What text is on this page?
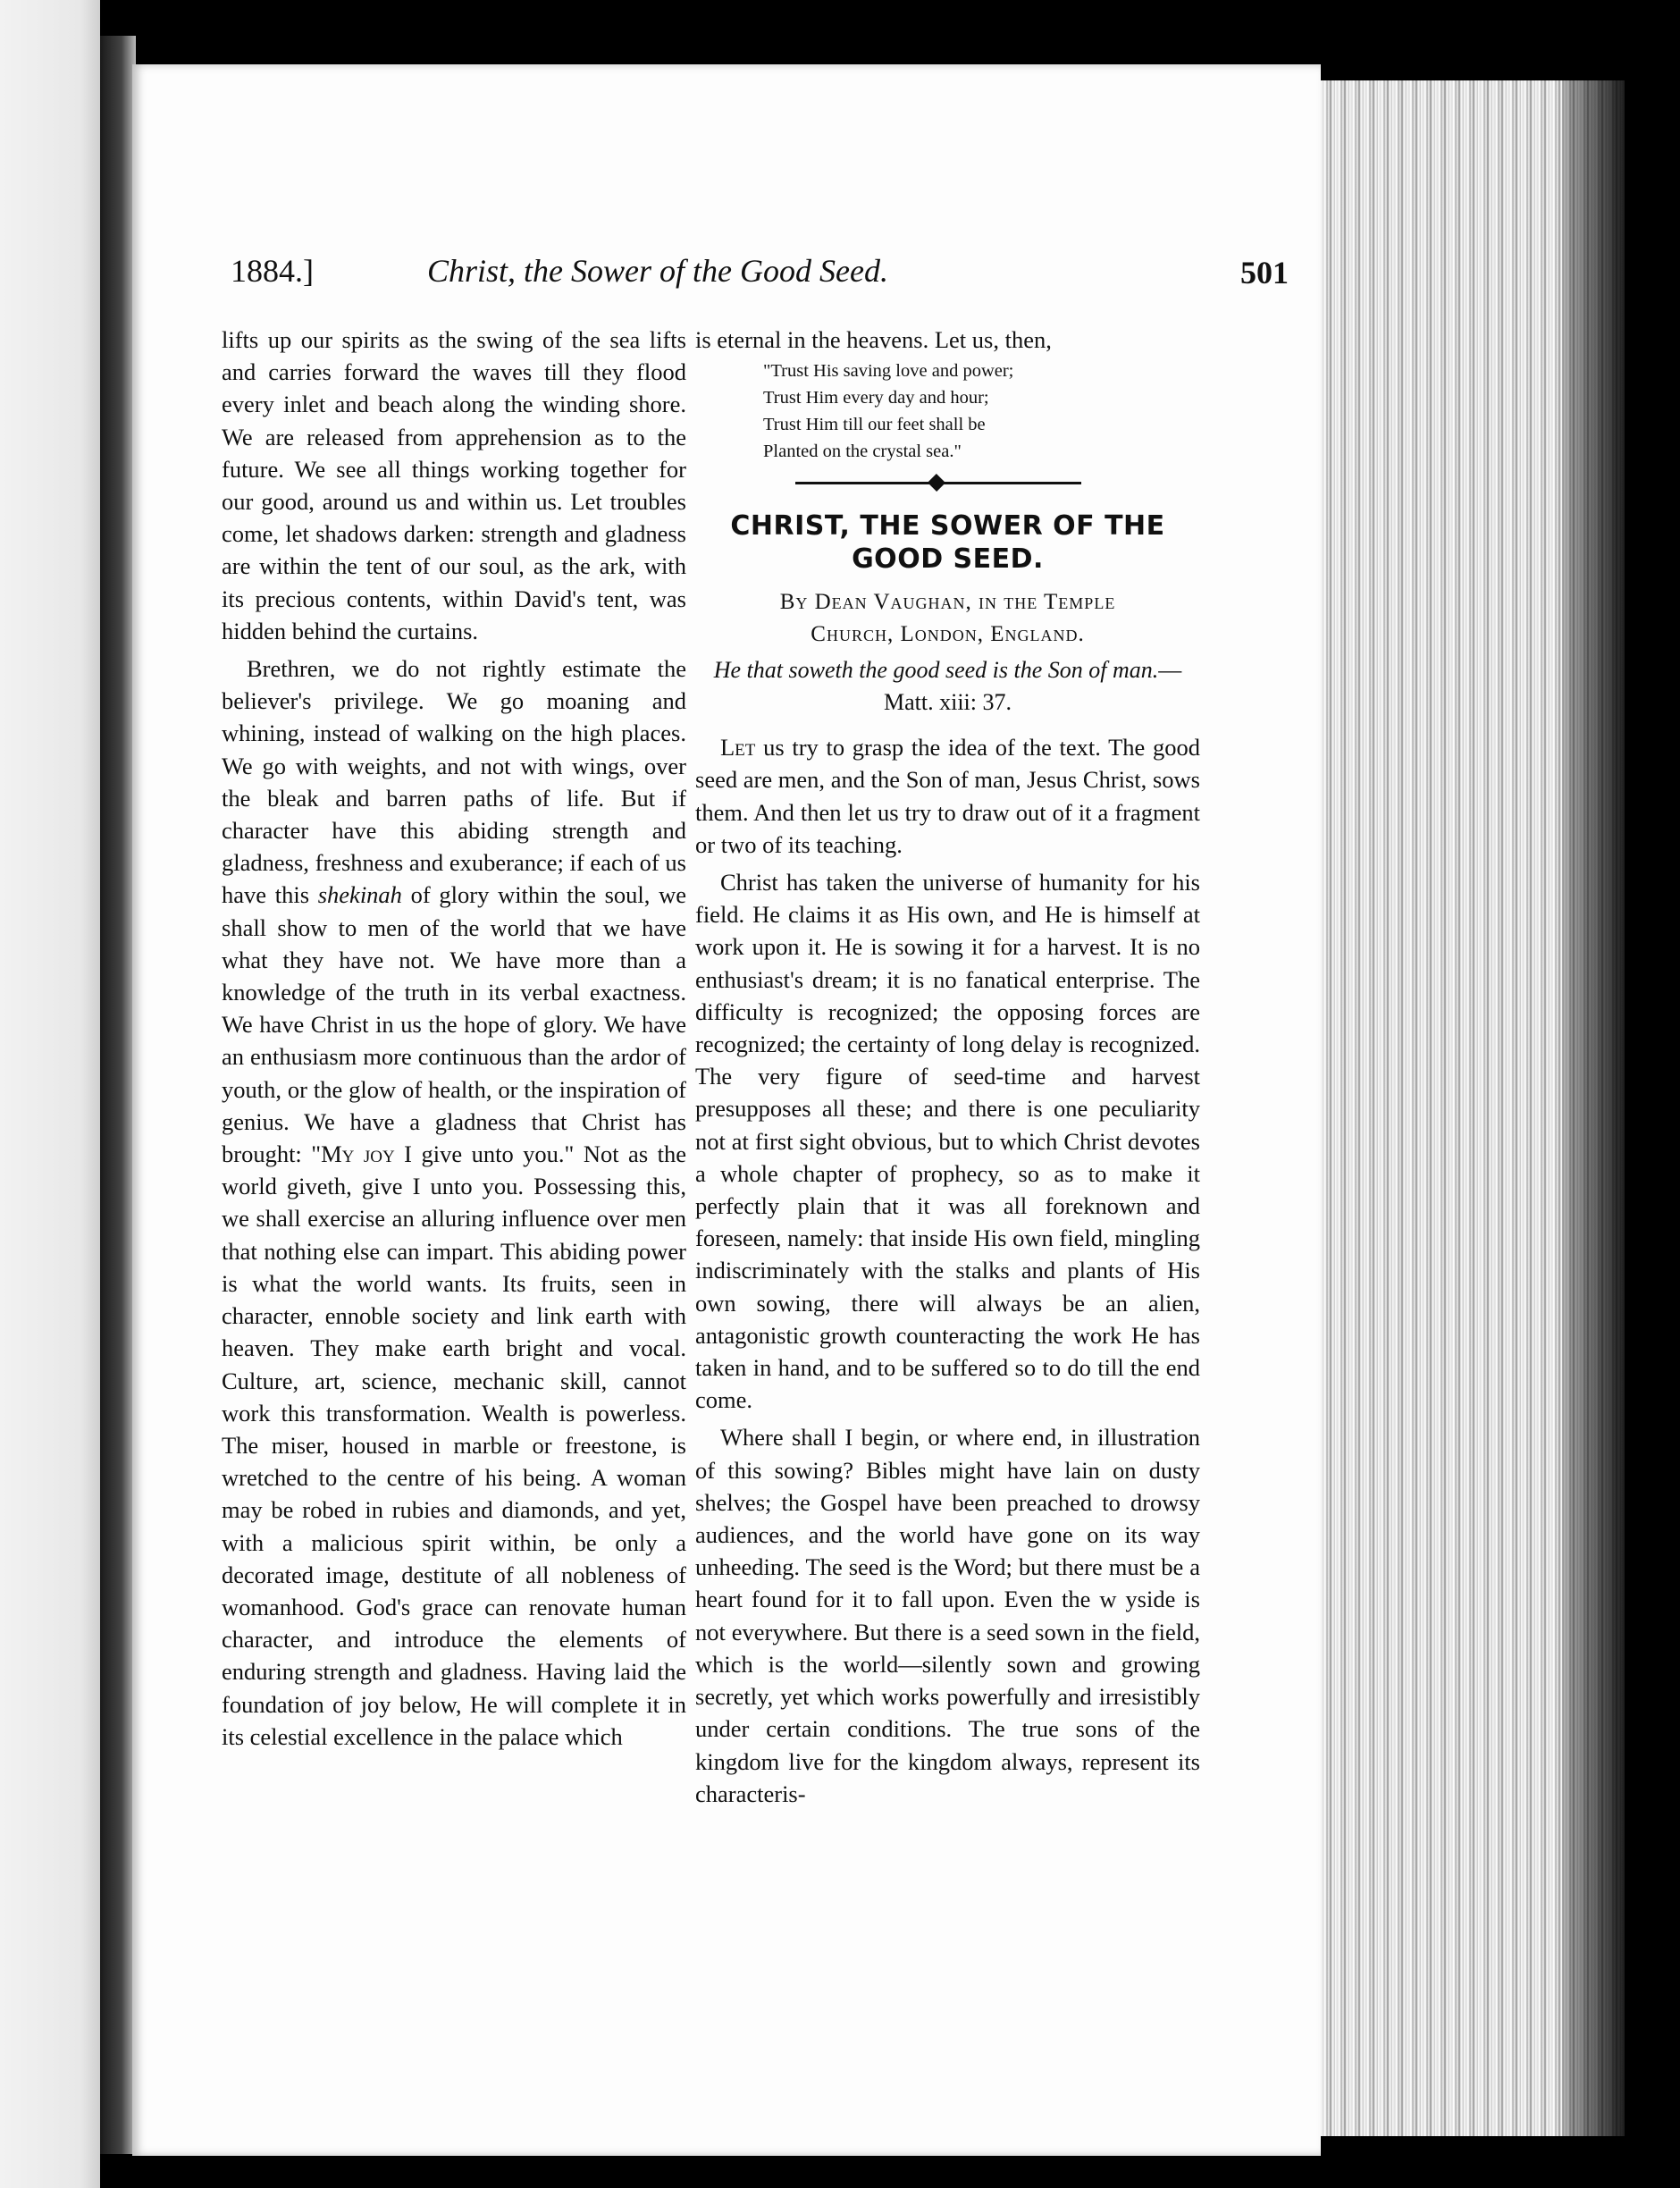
1884.]	Christ, the Sower of the Good Seed.	501

lifts up our spirits as the swing of the sea lifts and carries forward the waves till they flood every inlet and beach along the winding shore. We are released from apprehension as to the future. We see all things working together for our good, around us and within us. Let troubles come, let shadows darken: strength and gladness are within the tent of our soul, as the ark, with its precious contents, within David's tent, was hidden behind the curtains.

Brethren, we do not rightly estimate the believer's privilege. We go moaning and whining, instead of walking on the high places. We go with weights, and not with wings, over the bleak and barren paths of life. But if character have this abiding strength and gladness, freshness and exuberance; if each of us have this shekinah of glory within the soul, we shall show to men of the world that we have what they have not. We have more than a knowledge of the truth in its verbal exactness. We have Christ in us the hope of glory. We have an enthusiasm more continuous than the ardor of youth, or the glow of health, or the inspiration of genius. We have a gladness that Christ has brought: "My joy I give unto you." Not as the world giveth, give I unto you. Possessing this, we shall exercise an alluring influence over men that nothing else can impart. This abiding power is what the world wants. Its fruits, seen in character, ennoble society and link earth with heaven. They make earth bright and vocal. Culture, art, science, mechanic skill, cannot work this transformation. Wealth is powerless. The miser, housed in marble or freestone, is wretched to the centre of his being. A woman may be robed in rubies and diamonds, and yet, with a malicious spirit within, be only a decorated image, destitute of all nobleness of womanhood. God's grace can renovate human character, and introduce the elements of enduring strength and gladness. Having laid the foundation of joy below, He will complete it in its celestial excellence in the palace which

is eternal in the heavens. Let us, then,

"Trust His saving love and power;
Trust Him every day and hour;
Trust Him till our feet shall be
Planted on the crystal sea."
CHRIST, THE SOWER OF THE GOOD SEED.
By Dean Vaughan, in the Temple
Church, London, England.
He that soweth the good seed is the Son of man.—Matt. xiii: 37.

Let us try to grasp the idea of the text. The good seed are men, and the Son of man, Jesus Christ, sows them. And then let us try to draw out of it a fragment or two of its teaching.

Christ has taken the universe of humanity for his field. He claims it as His own, and He is himself at work upon it. He is sowing it for a harvest. It is no enthusiast's dream; it is no fanatical enterprise. The difficulty is recognized; the opposing forces are recognized; the certainty of long delay is recognized. The very figure of seed-time and harvest presupposes all these; and there is one peculiarity not at first sight obvious, but to which Christ devotes a whole chapter of prophecy, so as to make it perfectly plain that it was all foreknown and foreseen, namely: that inside His own field, mingling indiscriminately with the stalks and plants of His own sowing, there will always be an alien, antagonistic growth counteracting the work He has taken in hand, and to be suffered so to do till the end come.

Where shall I begin, or where end, in illustration of this sowing? Bibles might have lain on dusty shelves; the Gospel have been preached to drowsy audiences, and the world have gone on its way unheeding. The seed is the Word; but there must be a heart found for it to fall upon. Even the w yside is not everywhere. But there is a seed sown in the field, which is the world—silently sown and growing secretly, yet which works powerfully and irresistibly under certain conditions. The true sons of the kingdom live for the kingdom always, represent its characteris-
